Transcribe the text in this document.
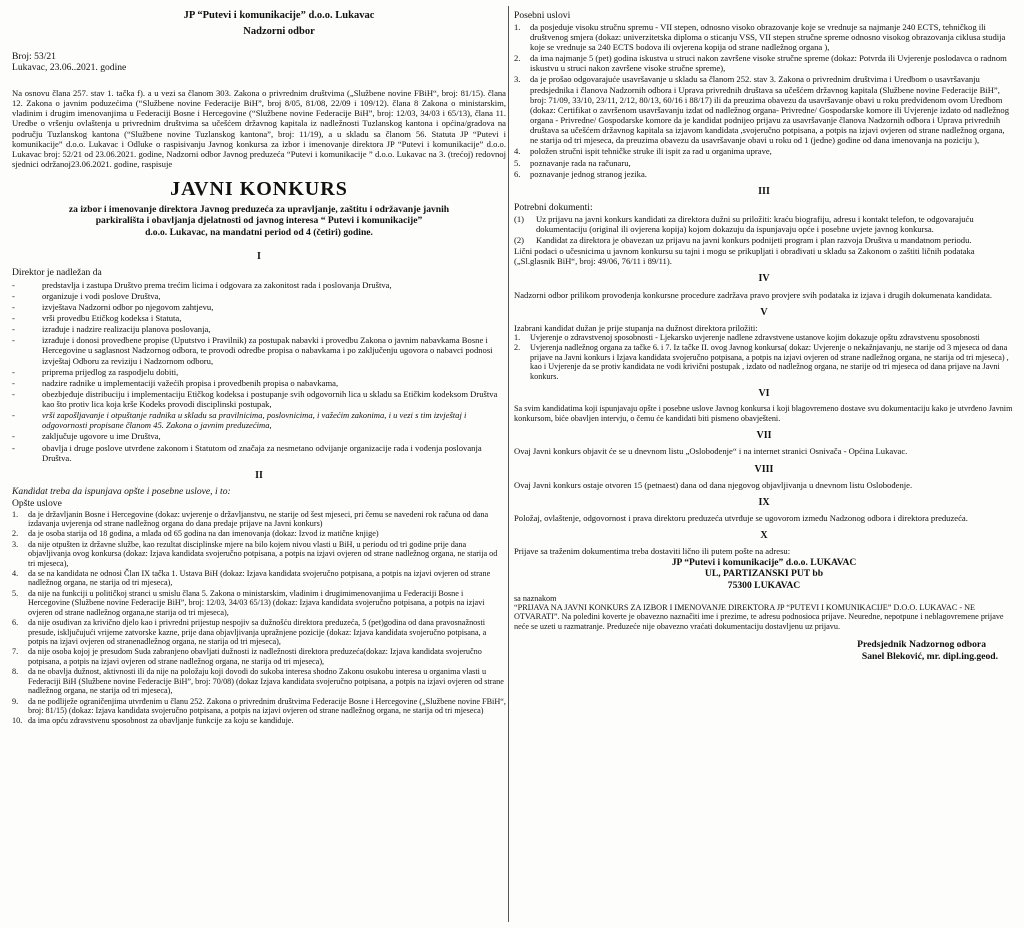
JP “Putevi i komunikacije” d.o.o. Lukavac

Nadzorni odbor

Broj: 53/21

Lukavac, 23.06..2021. godine

Na osnovu člana 257. stav 1. tačka f). a u vezi sa članom 303. Zakona o privrednim društvima („Službene novine FBiH“, broj: 81/15). člana 12. Zakona o javnim poduzećima (“Službene novine Federacije BiH”, broj 8/05, 81/08, 22/09 i 109/12). člana 8 Zakona o ministarskim, vladinim i drugim imenovanjima u Federaciji Bosne i Hercegovine (“Službene novine Federacije BiH”, broj: 12/03, 34/03 i 65/13), člana 11. Uredbe o vršenju ovlaštenja u privrednim društvima sa učešćem državnog kapitala iz nadležnosti Tuzlanskog kantona i općina/gradova na području Tuzlanskog kantona (“Službene novine Tuzlanskog kantona”, broj: 11/19), a u skladu sa članom 56. Statuta JP “Putevi i komunikacije” d.o.o. Lukavac i Odluke o raspisivanju Javnog konkursa za izbor i imenovanje direktora JP “Putevi i komunikacije” d.o.o. Lukavac broj: 52/21 od 23.06.2021. godine, Nadzorni odbor Javnog preduzeća “Putevi i komunikacije ” d.o.o. Lukavac na 3. (trećoj) redovnoj sjednici održanoj23.06.2021. godine, raspisuje

JAVNI KONKURS

za izbor i imenovanje direktora Javnog preduzeća za upravljanje, zaštitu i održavanje javnih parkirališta i obavljanja djelatnosti od javnog interesa “ Putevi i komunikacije”

d.o.o. Lukavac, na mandatni period od 4 (četiri) godine.

I

Direktor je nadležan da

- predstavlja i zastupa Društvo prema trećim licima i odgovara za zakonitost rada i poslovanja Društva,
- organizuje i vodi poslove Društva,
- izvještava Nadzorni odbor po njegovom zahtjevu,
- vrši provedbu Etičkog kodeksa i Statuta,
- izrađuje i nadzire realizaciju planova poslovanja,
- izrađuje i donosi provedbene propise (Uputstvo i Pravilnik) za postupak nabavki i provedbu Zakona o javnim nabavkama Bosne i Hercegovine u saglasnost Nadzornog odbora, te provodi odredbe propisa o nabavkama i po zaključenju ugovora o nabavci podnosi izvještaj Odboru za reviziju i Nadzornom odboru,
- priprema prijedlog za raspodjelu dobiti,
- nadzire radnike u implementaciji važećih propisa i provedbenih propisa o nabavkama,
- obezbjeđuje distribuciju i implementaciju Etičkog kodeksa i postupanje svih odgovornih lica u skladu sa Etičkim kodeksom Društva kao što protiv lica koja krše Kodeks provodi disciplinski postupak,
- vrši zapošljavanje i otpuštanje radnika u skladu sa pravilnicima, poslovnicima, i važećim zakonima, i u vezi s tim izvještaj i odgovornosti propisane članom 45. Zakona o javnim preduzećima,
- zaključuje ugovore u ime Društva,
- obavlja i druge poslove utvrđene zakonom i Statutom od značaja za nesmetano odvijanje organizacije rada i vođenja poslovanja Društva.
II

Kandidat treba da ispunjava opšte i posebne uslove, i to:

Opšte uslove

1. da je državljanin Bosne i Hercegovine (dokaz: uvjerenje o državljanstvu, ne starije od šest mjeseci, pri čemu se navedeni rok računa od dana izdavanja uvjerenja od strane nadležnog organa do dana predaje prijave na Javni konkurs)
2. da je osoba starija od 18 godina, a mlađa od 65 godina na dan imenovanja (dokaz: Izvod iz matične knjige)
3. da nije otpušten iz državne službe, kao rezultat disciplinske mjere na bilo kojem nivou vlasti u BiH, u periodu od tri godine prije dana objavljivanja ovog konkursa (dokaz: Izjava kandidata svojeručno potpisana, a potpis na izjavi ovjeren od strane nadležnog organa, ne starija od tri mjeseca),
4. da se na kandidata ne odnosi Član IX tačka 1. Ustava BiH (dokaz: Izjava kandidata svojeručno potpisana, a potpis na izjavi ovjeren od strane nadležnog organa, ne starija od tri mjeseca),
5. da nije na funkciji u političkoj stranci u smislu člana 5. Zakona o ministarskim, vladinim i drugimimenovanjima u Federaciji Bosne i Hercegovine (Službene novine Federacije BiH”, broj: 12/03, 34/03 65/13) (dokaz: Izjava kandidata svojeručno potpisana, a potpis na izjavi ovjeren od strane nadležnog organa,ne starija od tri mjeseca),
6. da nije osuđivan za krivično djelo kao i privredni prijestup nespojiv sa dužnošću direktora preduzeća, 5 (pet)godina od dana pravosnažnosti presude, isključujući vrijeme zatvorske kazne, prije dana objavljivanja upražnjene pozicije (dokaz: Izjava kandidata svojeručno potpisana, a potpis na izjavi ovjeren od stranenadležnog organa, ne starija od tri mjeseca),
7. da nije osoba kojoj je presudom Suda zabranjeno obavljati dužnosti iz nadležnosti direktora preduzeća(dokaz: Izjava kandidata svojeručno potpisana, a potpis na izjavi ovjeren od strane nadležnog organa, ne starija od tri mjeseca),
8. da ne obavlja dužnost, aktivnosti ili da nije na položaju koji dovodi do sukoba interesa shodno Zakonu osukobu interesa u organima vlasti u Federaciji BiH (Službene novine Federacije BiH”, broj: 70/08) (dokaz Izjava kandidata svojeručno potpisana, a potpis na izjavi ovjeren od strane nadležnog organa, ne starija od tri mjeseca),
9. da ne podliježe ograničenjima utvrđenim u članu 252. Zakona o privrednim društvima Federacije Bosne i Hercegovine („Službene novine FBiH“, broj: 81/15) (dokaz: Izjava kandidata svojeručno potpisana, a potpis na izjavi ovjeren od strane nadležnog organa, ne starija od tri mjeseca)
10. da ima opću zdravstvenu sposobnost za obavljanje funkcije za koju se kandiduje.

Posebni uslovi

1. da posjeduje visoku stručnu spremu - VII stepen, odnosno visoko obrazovanje koje se vrednuje sa najmanje 240 ECTS, tehničkog ili društvenog smjera (dokaz: univerzitetska diploma o sticanju VSS, VII stepen stručne spreme odnosno visokog obrazovanja ciklusa studija koje se vrednuje sa 240 ECTS bodova ili ovjerena kopija od strane nadležnog organa ),
2. da ima najmanje 5 (pet) godina iskustva u struci nakon završene visoke stručne spreme (dokaz: Potvrda ili Uvjerenje poslodavca o radnom iskustvu u struci nakon završene visoke stručne spreme),
3. da je prošao odgovarajuće usavršavanje u skladu sa članom 252. stav 3. Zakona o privrednim društvima i Uredbom o usavršavanju predsjednika i članova Nadzornih odbora i Uprava privrednih društava sa učešćem državnog kapitala (Službene novine Federacije BiH”, broj: 71/09, 33/10, 23/11, 2/12, 80/13, 60/16 i 88/17) ili da preuzima obavezu da usavršavanje obavi u roku predviđenom ovom Uredbom (dokaz: Certifikat o završenom usavršavanju izdat od nadležnog organa- Privredne/ Gospodarske komore ili Uvjerenje izdato od nadležnog organa - Privredne/ Gospodarske komore da je kandidat podnijeo prijavu za usavršavanje članova Nadzornih odbora i Uprava privrednih društava sa učešćem državnog kapitala sa izjavom kandidata ,svojeručno potpisana, a potpis na izjavi ovjeren od strane nadležnog organa, ne starija od tri mjeseca, da preuzima obavezu da usavršavanje obavi u roku od 1 (jedne) godine od dana imenovanja na poziciju ),
4. položen stručni ispit tehničke struke ili ispit za rad u organima uprave,
5. poznavanje rada na računaru,
6. poznavanje jednog stranog jezika.
III

Potrebni dokumenti:

(1) Uz prijavu na javni konkurs kandidati za direktora dužni su priložiti: kraću biografiju, adresu i kontakt telefon, te odgovarajuću dokumentaciju (original ili ovjerena kopija) kojom dokazuju da ispunjavaju opće i posebne uvjete javnog konkursa.
(2) Kandidat za direktora je obavezan uz prijavu na javni konkurs podnijeti program i plan razvoja Društva u mandatnom periodu.

Lični podaci o učesnicima u javnom konkursu su tajni i mogu se prikupljati i obrađivati u skladu sa Zakonom o zaštiti ličnih podataka („Sl.glasnik BiH“, broj: 49/06, 76/11 i 89/11).

IV

Nadzorni odbor prilikom provođenja konkursne procedure zadržava pravo provjere svih podataka iz izjava i drugih dokumenata kandidata.

V

Izabrani kandidat dužan je prije stupanja na dužnost direktora priložiti:

1. Uvjerenje o zdravstvenoj sposobnosti - Ljekarsko uvjerenje nadlene zdravstvene ustanove kojim dokazuje opštu zdravstvenu sposobnosti
2. Uvjerenja nadležnog organa za tačke 6. i 7. Iz tačke II. ovog Javnog konkursa( dokaz: Uvjerenje o nekažnjavanju, ne starije od 3 mjeseca od dana prijave na Javni konkurs i Izjava kandidata svojeručno potpisana, a potpis na izjavi ovjeren od strane nadležnog organa, ne starija od tri mjeseca) , kao i Uvjerenje da se protiv kandidata ne vodi krivični postupak , izdato od nadležnog organa, ne starije od tri mjeseca od dana prijave na Javni konkurs.
VI

Sa svim kandidatima koji ispunjavaju opšte i posebne uslove Javnog konkursa i koji blagovremeno dostave svu dokumentaciju kako je utvrđeno Javnim konkursom, biće obavljen intervju, o čemu će kandidati biti pismeno obavješteni.

VII

Ovaj Javni konkurs objavit će se u dnevnom listu „Oslobođenje“ i na internet stranici Osnivača - Općina Lukavac.

VIII

Ovaj Javni konkurs ostaje otvoren 15 (petnaest) dana od dana njegovog objavljivanja u dnevnom listu Oslobođenje.

IX

Položaj, ovlaštenje, odgovornost i prava direktoru preduzeća utvrđuje se ugovorom između Nadzonog odbora i direktora preduzeća.

X

Prijave sa traženim dokumentima treba dostaviti lično ili putem pošte na adresu:

JP “Putevi i komunikacije” d.o.o. LUKAVAC

UL, PARTIZANSKI PUT bb

75300 LUKAVAC

sa naznakom

“PRIJAVA NA JAVNI KONKURS ZA IZBOR I IMENOVANJE DIREKTORA JP “PUTEVI I KOMUNIKACIJE” D.O.O. LUKAVAC - NE OTVARATI”. Na poleđini koverte je obavezno naznačiti ime i prezime, te adresu podnosioca prijave. Neuredne, nepotpune i neblagovremene prijave neće se uzeti u razmatranje. Preduzeće nije obavezno vraćati dokumentaciju dostavljenu uz prijavu.

Predsjednik Nadzornog odbora

Sanel Bleković, mr. dipl.ing.geod.
